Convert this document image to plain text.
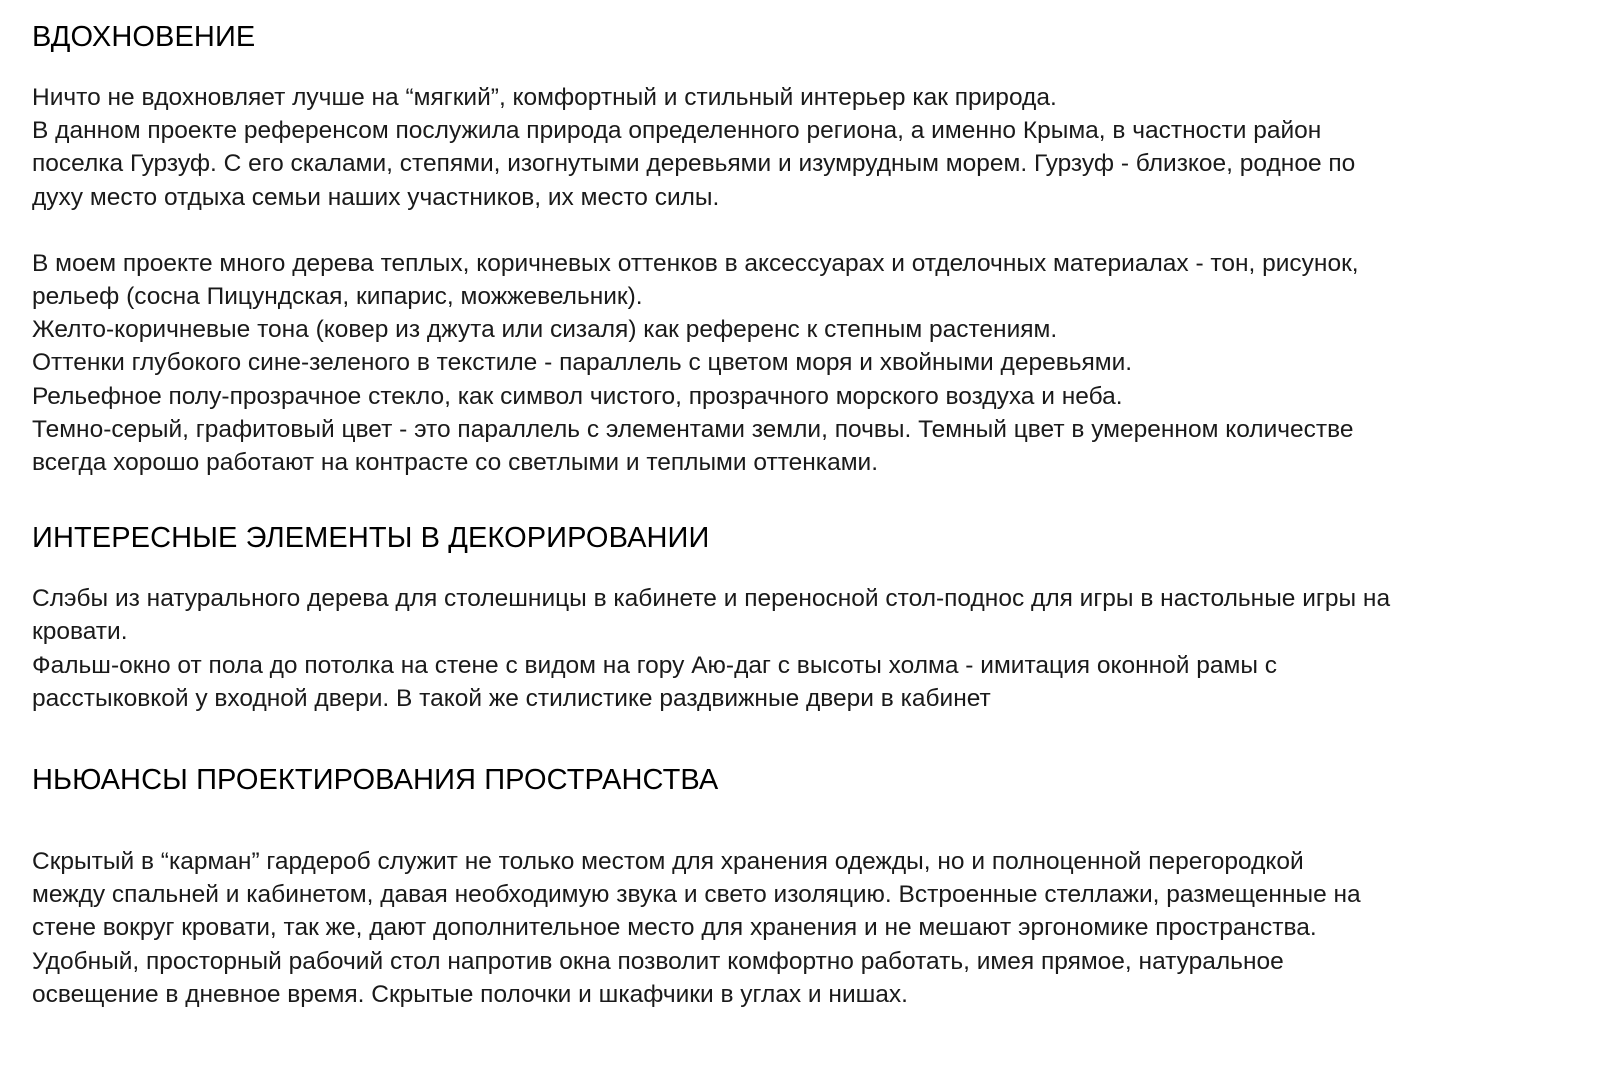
ВДОХНОВЕНИЕ

Ничто не вдохновляет лучше на “мягкий”, комфортный и стильный интерьер как природа.
В данном проекте референсом послужила природа определенного региона, а именно Крыма, в частности район
поселка Гурзуф. С его скалами, степями, изогнутыми деревьями и изумрудным морем. Гурзуф - близкое, родное по
духу место отдыха семьи наших участников, их место силы.

В моем проекте много дерева теплых, коричневых оттенков в аксессуарах и отделочных материалах - тон, рисунок,
рельеф (сосна Пицундская, кипарис, можжевельник).
Желто-коричневые тона (ковер из джута или сизаля) как референс к степным растениям.
Оттенки глубокого сине-зеленого в текстиле - параллель с цветом моря и хвойными деревьями.
Рельефное полу-прозрачное стекло, как символ чистого, прозрачного морского воздуха и неба.
Темно-серый, графитовый цвет - это параллель с элементами земли, почвы. Темный цвет в умеренном количестве
всегда хорошо работают на контрасте со светлыми и теплыми оттенками.

ИНТЕРЕСНЫЕ ЭЛЕМЕНТЫ В ДЕКОРИРОВАНИИ

Слэбы из натурального дерева для столешницы в кабинете и переносной стол-поднос для игры в настольные игры на
кровати.
Фальш-окно от пола до потолка на стене с видом на гору Аю-даг с высоты холма - имитация оконной рамы с
расстыковкой у входной двери. В такой же стилистике раздвижные двери в кабинет

НЬЮАНСЫ ПРОЕКТИРОВАНИЯ ПРОСТРАНСТВА

Скрытый в “карман” гардероб служит не только местом для хранения одежды, но и полноценной перегородкой
между спальней и кабинетом, давая необходимую звука и свето изоляцию. Встроенные стеллажи, размещенные на
стене вокруг кровати, так же, дают дополнительное место для хранения и не мешают эргономике пространства.
Удобный, просторный рабочий стол напротив окна позволит комфортно работать, имея прямое, натуральное
освещение в дневное время. Скрытые полочки и шкафчики в углах и нишах.
